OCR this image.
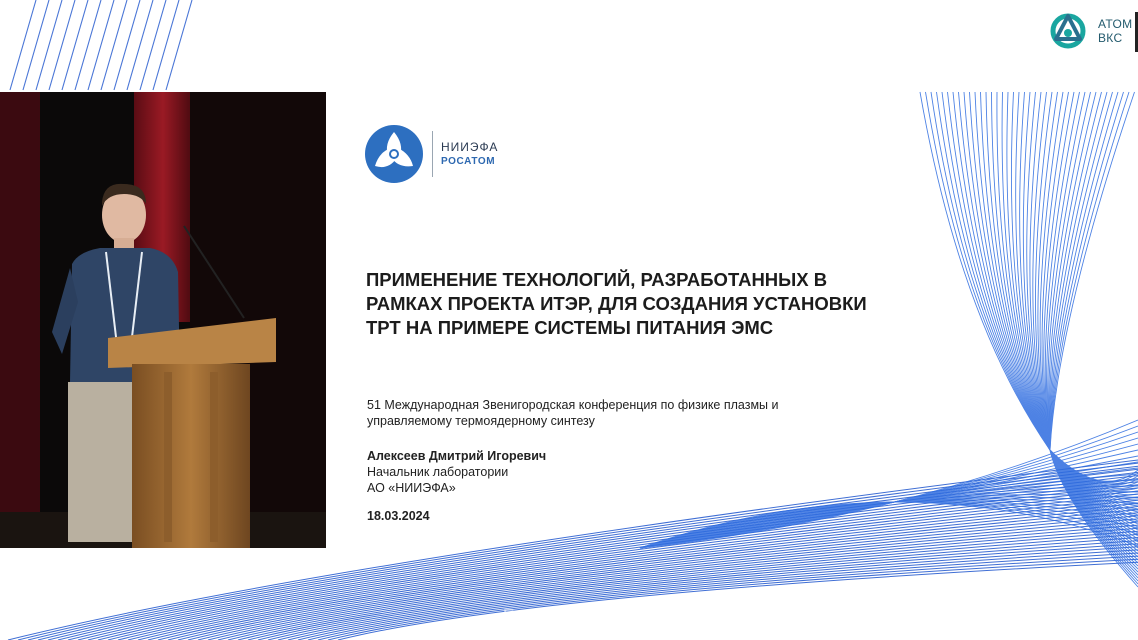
АТОМ
ВКС
НИИЭФА
РОСАТОМ
ПРИМЕНЕНИЕ ТЕХНОЛОГИЙ, РАЗРАБОТАННЫХ В
РАМКАХ ПРОЕКТА ИТЭР, ДЛЯ СОЗДАНИЯ УСТАНОВКИ
ТРТ НА ПРИМЕРЕ СИСТЕМЫ ПИТАНИЯ ЭМС
51 Международная Звенигородская конференция по физике плазмы и
управляемому термоядерному синтезу
Алексеев Дмитрий Игоревич
Начальник лаборатории
АО «НИИЭФА»
18.03.2024
Большой зал
